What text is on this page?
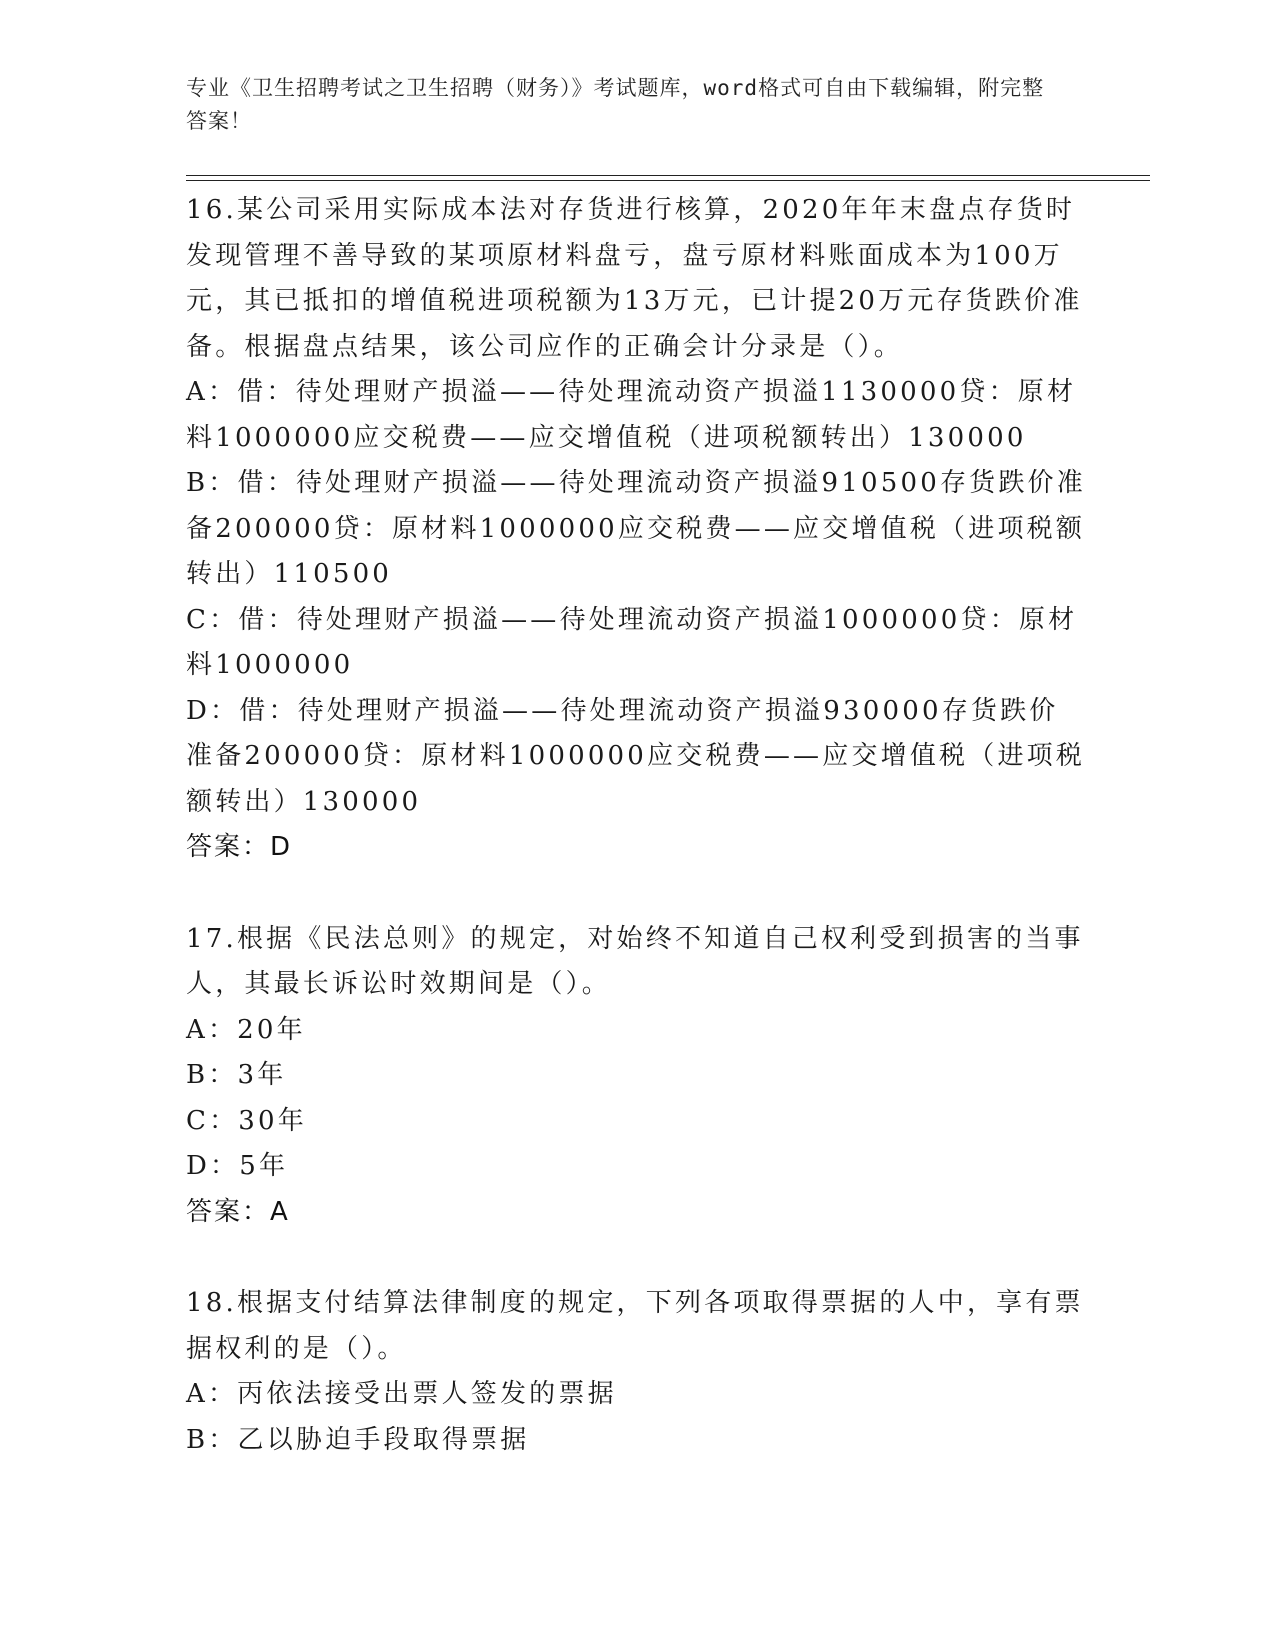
专业《卫生招聘考试之卫生招聘（财务）》考试题库，word格式可自由下载编辑，附完整答案！
16.某公司采用实际成本法对存货进行核算，2020年年末盘点存货时发现管理不善导致的某项原材料盘亏，盘亏原材料账面成本为100万元，其已抵扣的增值税进项税额为13万元，已计提20万元存货跌价准备。根据盘点结果，该公司应作的正确会计分录是（）。
A：借：待处理财产损溢——待处理流动资产损溢1130000贷：原材料1000000应交税费——应交增值税（进项税额转出）130000
B：借：待处理财产损溢——待处理流动资产损溢910500存货跌价准备200000贷：原材料1000000应交税费——应交增值税（进项税额转出）110500
C：借：待处理财产损溢——待处理流动资产损溢1000000贷：原材料1000000
D：借：待处理财产损溢——待处理流动资产损溢930000存货跌价准备200000贷：原材料1000000应交税费——应交增值税（进项税额转出）130000
答案：D
17.根据《民法总则》的规定，对始终不知道自己权利受到损害的当事人，其最长诉讼时效期间是（）。
A：20年
B：3年
C：30年
D：5年
答案：A
18.根据支付结算法律制度的规定，下列各项取得票据的人中，享有票据权利的是（）。
A：丙依法接受出票人签发的票据
B：乙以胁迫手段取得票据
